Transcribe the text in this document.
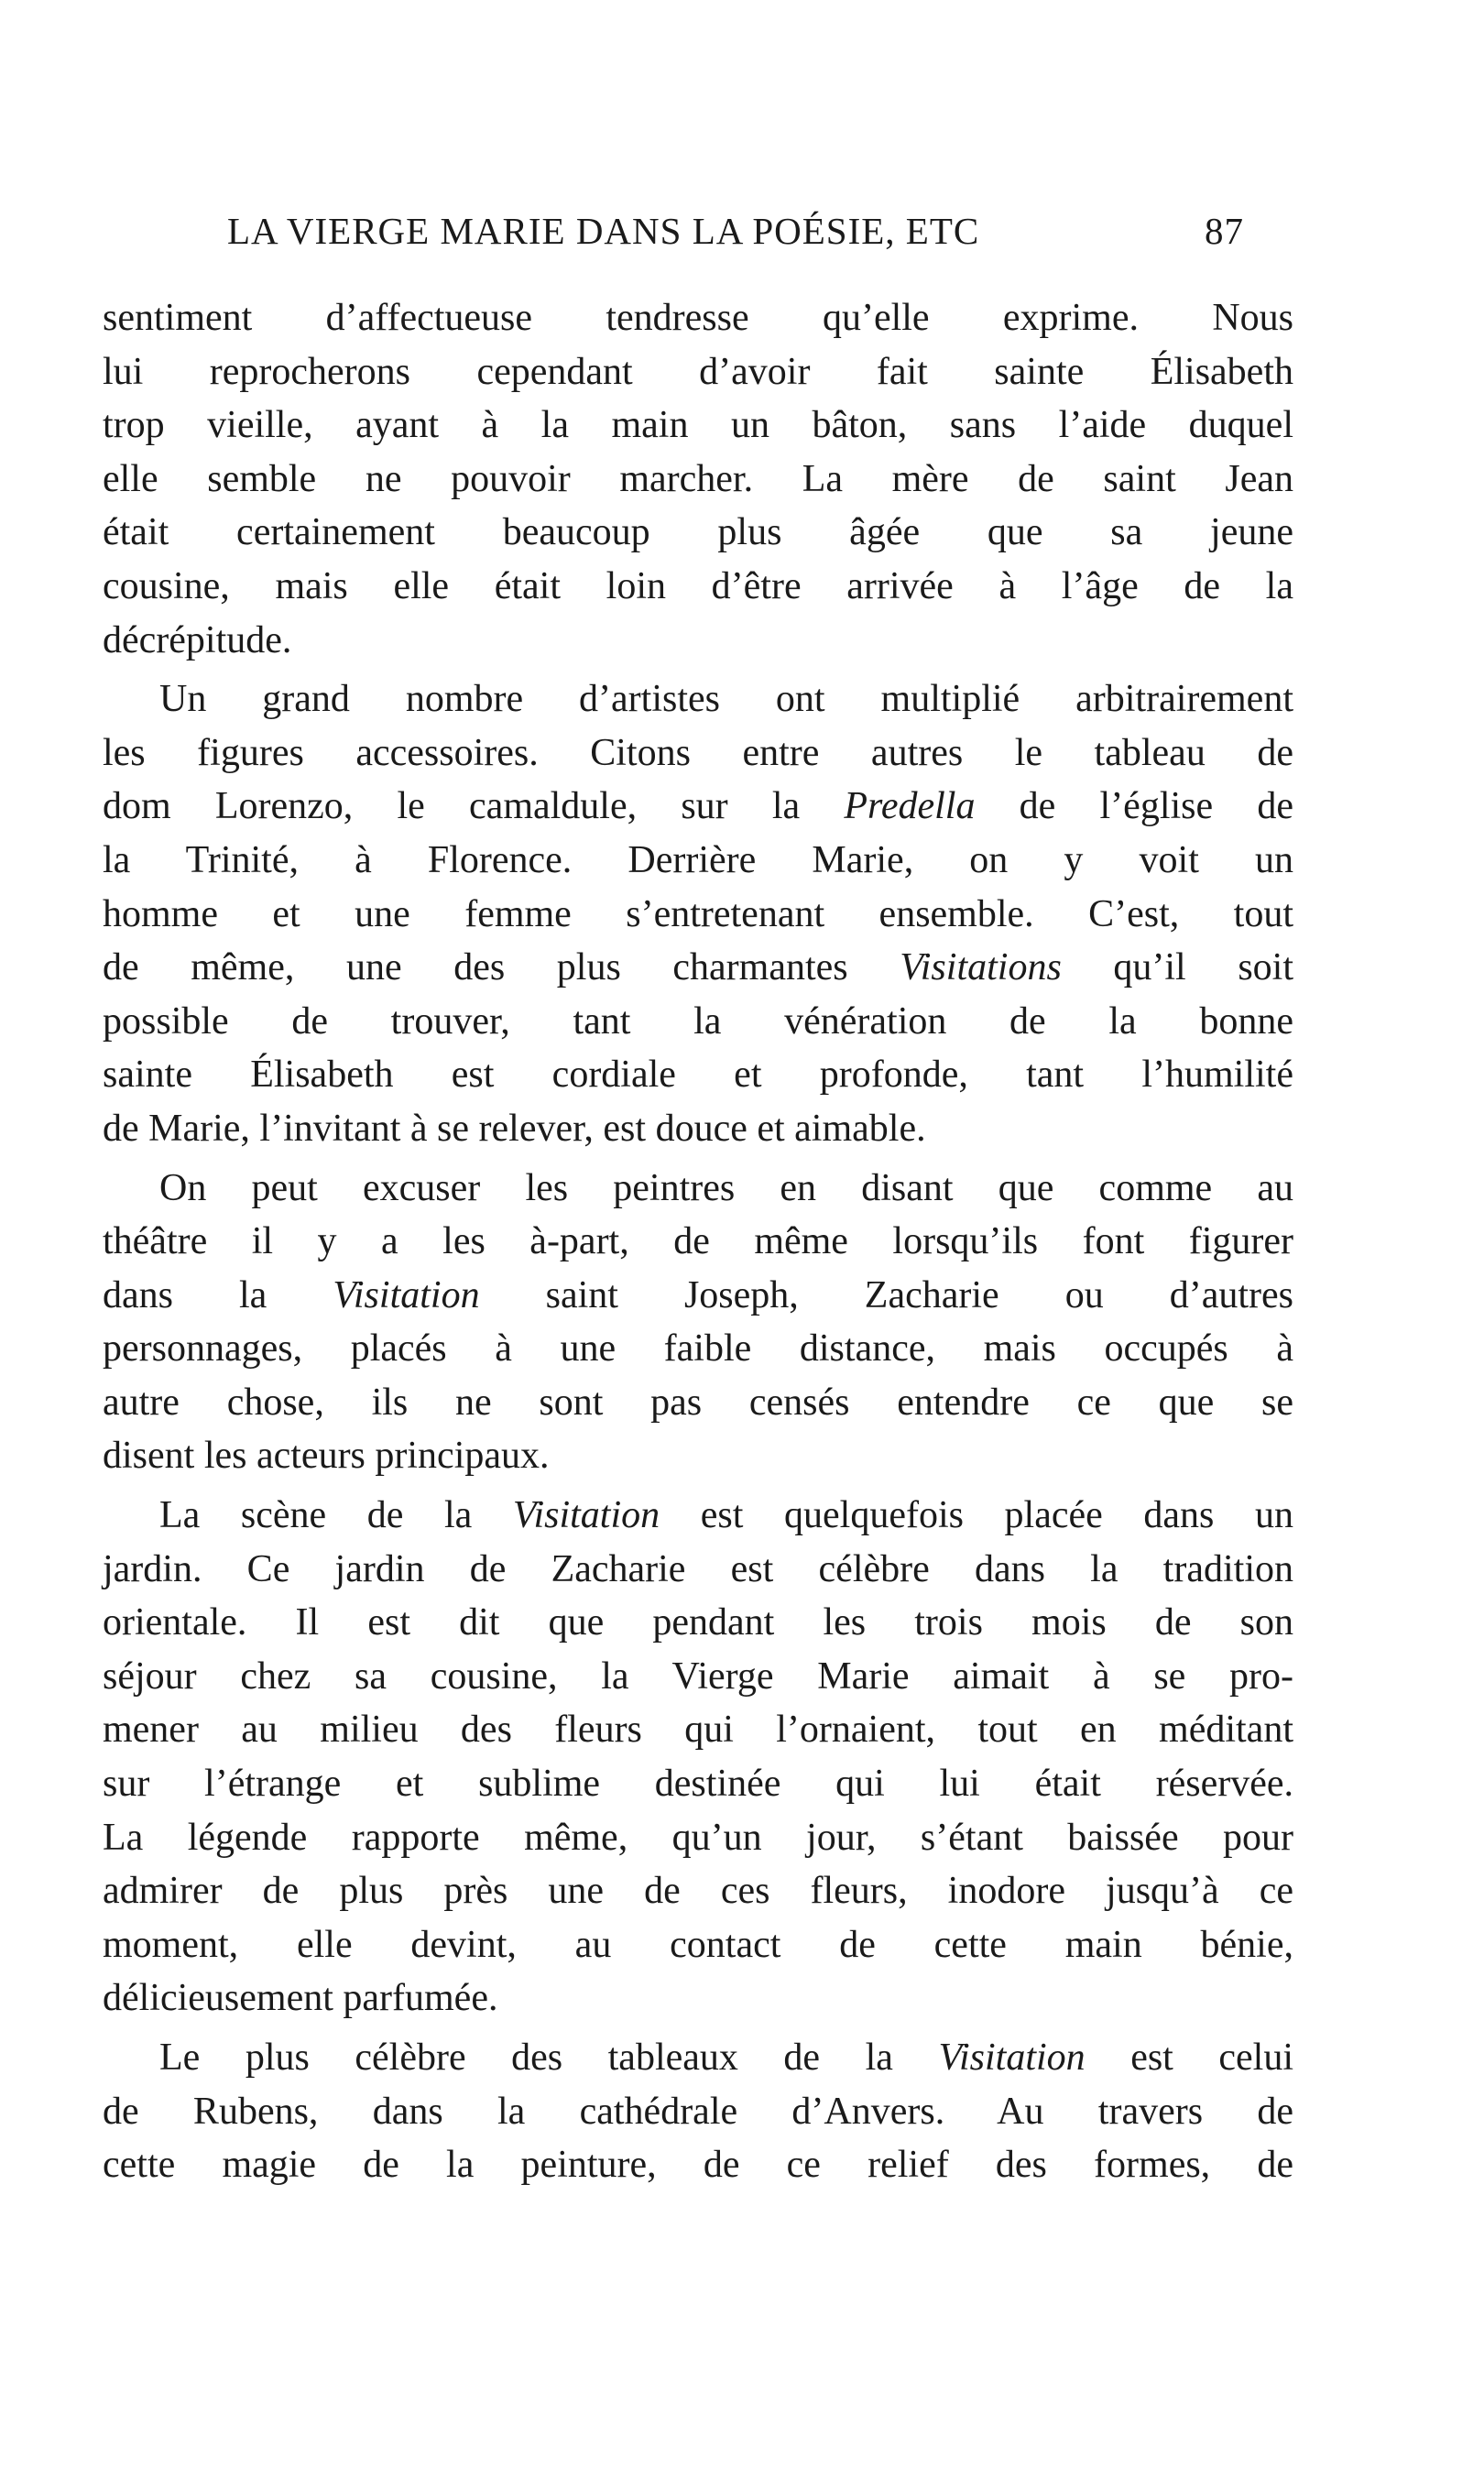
LA VIERGE MARIE DANS LA POÉSIE, ETC	87
sentiment d’affectueuse tendresse qu’elle exprime. Nous
lui reprocherons cependant d’avoir fait sainte Élisabeth
trop vieille, ayant à la main un bâton, sans l’aide duquel
elle semble ne pouvoir marcher. La mère de saint Jean
était certainement beaucoup plus âgée que sa jeune
cousine, mais elle était loin d’être arrivée à l’âge de la
décrépitude.
Un grand nombre d’artistes ont multiplié arbitrairement
les figures accessoires. Citons entre autres le tableau de
dom Lorenzo, le camaldule, sur la Predella de l’église de
la Trinité, à Florence. Derrière Marie, on y voit un
homme et une femme s’entretenant ensemble. C’est, tout
de même, une des plus charmantes Visitations qu’il soit
possible de trouver, tant la vénération de la bonne
sainte Élisabeth est cordiale et profonde, tant l’humilité
de Marie, l’invitant à se relever, est douce et aimable.
On peut excuser les peintres en disant que comme au
théâtre il y a les à-part, de même lorsqu’ils font figurer
dans la Visitation saint Joseph, Zacharie ou d’autres
personnages, placés à une faible distance, mais occupés à
autre chose, ils ne sont pas censés entendre ce que se
disent les acteurs principaux.
La scène de la Visitation est quelquefois placée dans un
jardin. Ce jardin de Zacharie est célèbre dans la tradition
orientale. Il est dit que pendant les trois mois de son
séjour chez sa cousine, la Vierge Marie aimait à se pro-
mener au milieu des fleurs qui l’ornaient, tout en méditant
sur l’étrange et sublime destinée qui lui était réservée.
La légende rapporte même, qu’un jour, s’étant baissée pour
admirer de plus près une de ces fleurs, inodore jusqu’à ce
moment, elle devint, au contact de cette main bénie,
délicieusement parfumée.
Le plus célèbre des tableaux de la Visitation est celui
de Rubens, dans la cathédrale d’Anvers. Au travers de
cette magie de la peinture, de ce relief des formes, de
